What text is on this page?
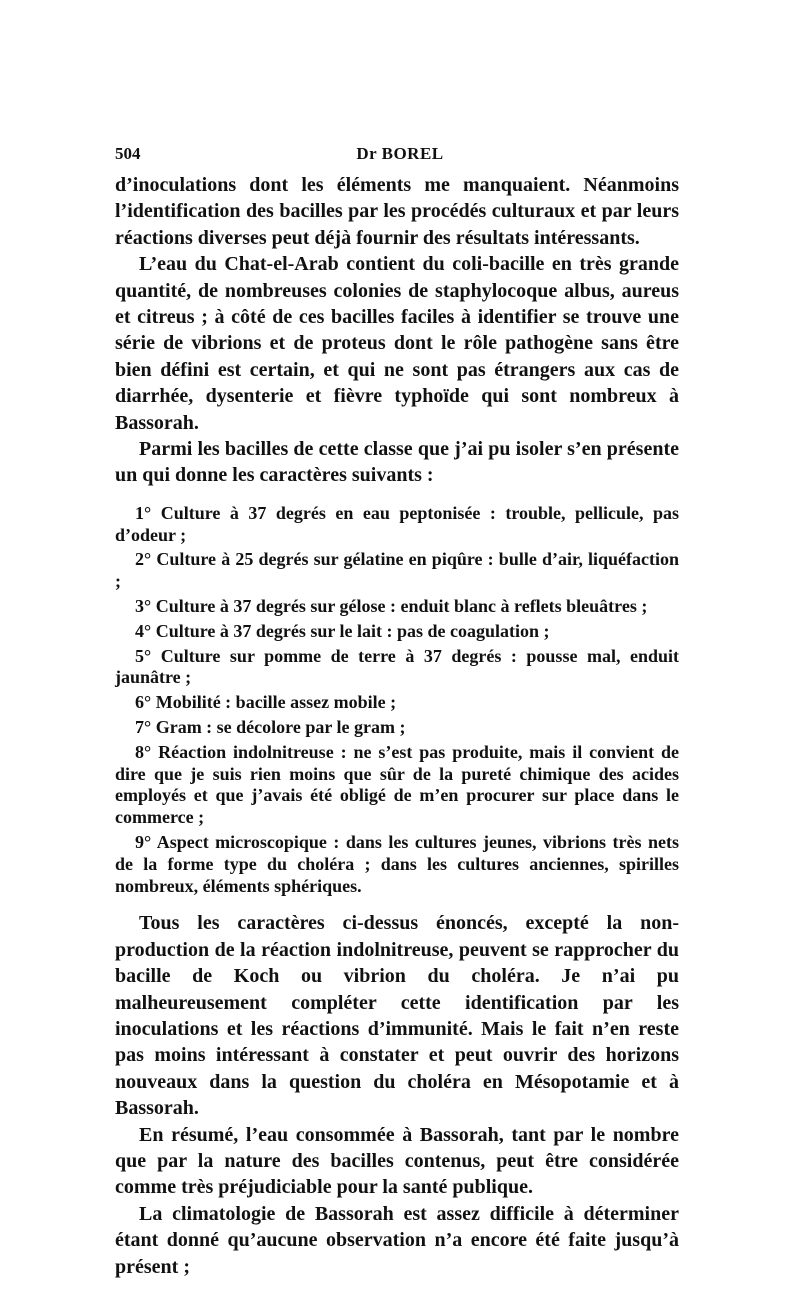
504	Dr BOREL

d’inoculations dont les éléments me manquaient. Néanmoins l’identification des bacilles par les procédés culturaux et par leurs réactions diverses peut déjà fournir des résultats intéressants.

L’eau du Chat-el-Arab contient du coli-bacille en très grande quantité, de nombreuses colonies de staphylocoque albus, aureus et citreus ; à côté de ces bacilles faciles à identifier se trouve une série de vibrions et de proteus dont le rôle pathogène sans être bien défini est certain, et qui ne sont pas étrangers aux cas de diarrhée, dysenterie et fièvre typhoïde qui sont nombreux à Bassorah.

Parmi les bacilles de cette classe que j’ai pu isoler s’en présente un qui donne les caractères suivants :

1° Culture à 37 degrés en eau peptonisée : trouble, pellicule, pas d’odeur ;
2° Culture à 25 degrés sur gélatine en piqûre : bulle d’air, liquéfaction ;
3° Culture à 37 degrés sur gélose : enduit blanc à reflets bleuâtres ;
4° Culture à 37 degrés sur le lait : pas de coagulation ;
5° Culture sur pomme de terre à 37 degrés : pousse mal, enduit jaunâtre ;
6° Mobilité : bacille assez mobile ;
7° Gram : se décolore par le gram ;
8° Réaction indolnitreuse : ne s’est pas produite, mais il convient de dire que je suis rien moins que sûr de la pureté chimique des acides employés et que j’avais été obligé de m’en procurer sur place dans le commerce ;
9° Aspect microscopique : dans les cultures jeunes, vibrions très nets de la forme type du choléra ; dans les cultures anciennes, spirilles nombreux, éléments sphériques.

Tous les caractères ci-dessus énoncés, excepté la non-production de la réaction indolnitreuse, peuvent se rapprocher du bacille de Koch ou vibrion du choléra. Je n’ai pu malheureusement compléter cette identification par les inoculations et les réactions d’immunité. Mais le fait n’en reste pas moins intéressant à constater et peut ouvrir des horizons nouveaux dans la question du choléra en Mésopotamie et à Bassorah.

En résumé, l’eau consommée à Bassorah, tant par le nombre que par la nature des bacilles contenus, peut être considérée comme très préjudiciable pour la santé publique.

La climatologie de Bassorah est assez difficile à déterminer étant donné qu’aucune observation n’a encore été faite jusqu’à présent ;
